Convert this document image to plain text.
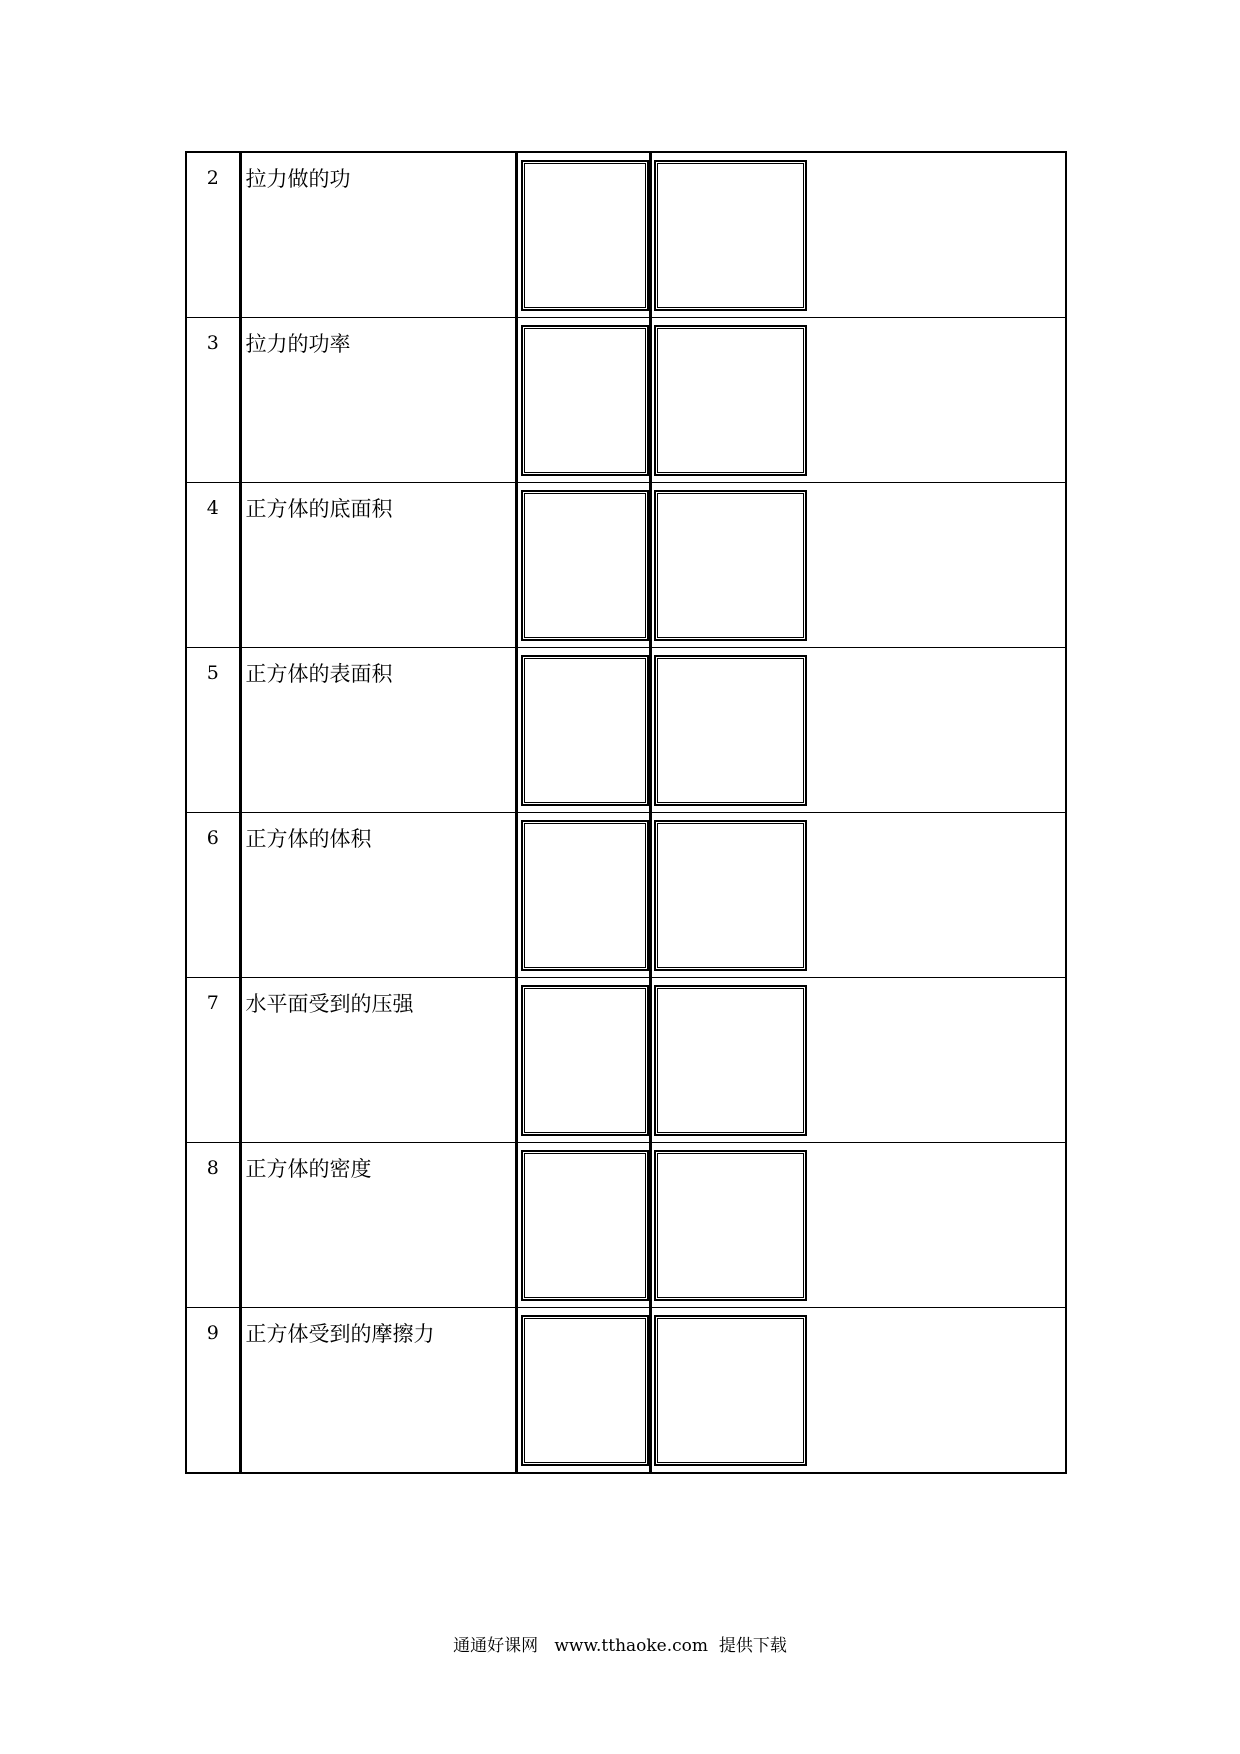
2	拉力做的功		

3	拉力的功率		

4	正方体的底面积		

5	正方体的表面积		

6	正方体的体积		

7	水平面受到的压强		

8	正方体的密度		

9	正方体受到的摩擦力		

通通好课网 www.tthaoke.com 提供下载
